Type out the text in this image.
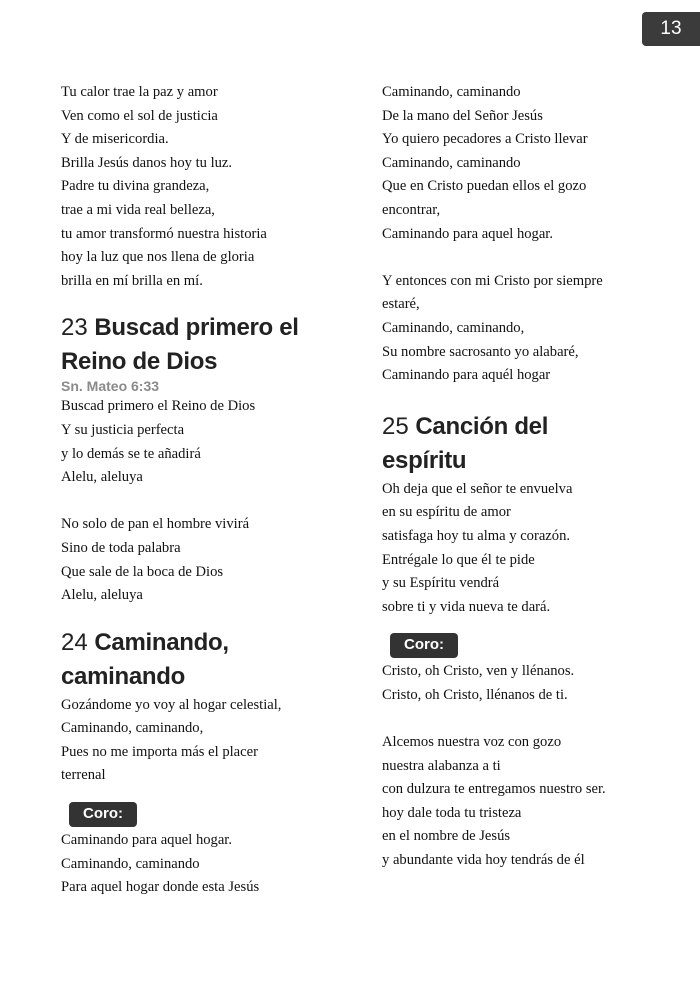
13
Tu calor trae la paz y amor
Ven como el sol de justicia
Y de misericordia.
Brilla Jesús danos hoy tu luz.
Padre tu divina grandeza,
trae a mi vida real belleza,
tu amor transformó nuestra historia
hoy la luz que nos llena de gloria
brilla en mí brilla en mí.
23 Buscad primero el
Reino de Dios
Sn. Mateo 6:33
Buscad primero el Reino de Dios
Y su justicia perfecta
y lo demás se te añadirá
Alelu, aleluya
No solo de pan el hombre vivirá
Sino de toda palabra
Que sale de la boca de Dios
Alelu, aleluya
24 Caminando,
caminando
Gozándome yo voy al hogar celestial,
Caminando, caminando,
Pues no me importa más el placer
terrenal
Coro:
Caminando para aquel hogar.
Caminando, caminando
Para aquel hogar donde esta Jesús
Caminando, caminando
De la mano del Señor Jesús
Yo quiero pecadores a Cristo llevar
Caminando, caminando
Que en Cristo puedan ellos el gozo
encontrar,
Caminando para aquel hogar.
Y entonces con mi Cristo por siempre
estaré,
Caminando, caminando,
Su nombre sacrosanto yo alabaré,
Caminando para aquél hogar
25 Canción del
espíritu
Oh deja que el señor te envuelva
en su espíritu de amor
satisfaga hoy tu alma y corazón.
Entrégale lo que él te pide
y su Espíritu vendrá
sobre ti y vida nueva te dará.
Coro:
Cristo, oh Cristo, ven y llénanos.
Cristo, oh Cristo, llénanos de ti.
Alcemos nuestra voz con gozo
nuestra alabanza a ti
con dulzura te entregamos nuestro ser.
hoy dale toda tu tristeza
en el nombre de Jesús
y abundante vida hoy tendrás de él
